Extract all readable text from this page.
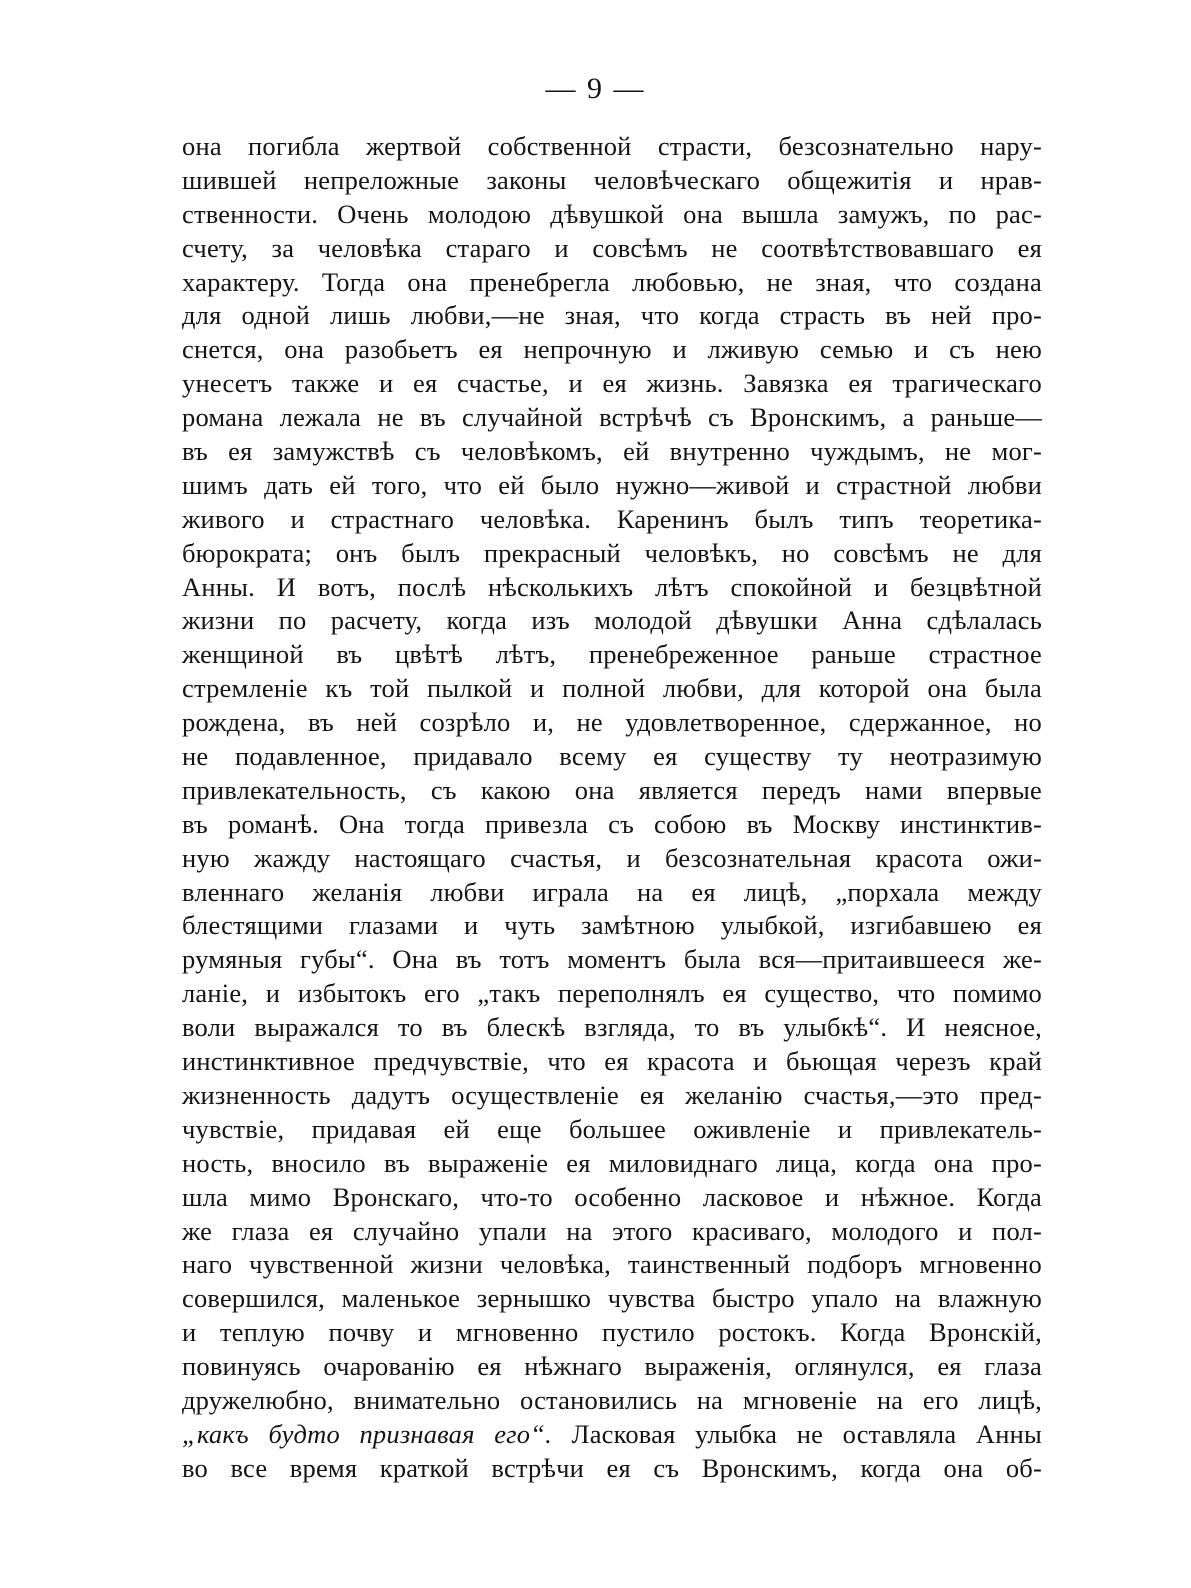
— 9 —
она погибла жертвой собственной страсти, безсознательно нару-
шившей непреложные законы человѣческаго общежитія и нрав-
ственности. Очень молодою дѣвушкой она вышла замужъ, по рас-
счету, за человѣка стараго и совсѣмъ не соотвѣтствовавшаго ея
характеру. Тогда она пренебрегла любовью, не зная, что создана
для одной лишь любви,—не зная, что когда страсть въ ней про-
снется, она разобьетъ ея непрочную и лживую семью и съ нею
унесетъ также и ея счастье, и ея жизнь. Завязка ея трагическаго
романа лежала не въ случайной встрѣчѣ съ Вронскимъ, а раньше—
въ ея замужствѣ съ человѣкомъ, ей внутренно чуждымъ, не мог-
шимъ дать ей того, что ей было нужно—живой и страстной любви
живого и страстнаго человѣка. Каренинъ былъ типъ теоретика-
бюрократа; онъ былъ прекрасный человѣкъ, но совсѣмъ не для
Анны. И вотъ, послѣ нѣсколькихъ лѣтъ спокойной и безцвѣтной
жизни по расчету, когда изъ молодой дѣвушки Анна сдѣлалась
женщиной въ цвѣтѣ лѣтъ, пренебреженное раньше страстное
стремленіе къ той пылкой и полной любви, для которой она была
рождена, въ ней созрѣло и, не удовлетворенное, сдержанное, но
не подавленное, придавало всему ея существу ту неотразимую
привлекательность, съ какою она является передъ нами впервые
въ романѣ. Она тогда привезла съ собою въ Москву инстинктив-
ную жажду настоящаго счастья, и безсознательная красота ожи-
вленнаго желанія любви играла на ея лицѣ, „порхала между
блестящими глазами и чуть замѣтною улыбкой, изгибавшею ея
румяныя губы“. Она въ тотъ моментъ была вся—притаившееся же-
ланіе, и избытокъ его „такъ переполнялъ ея существо, что помимо
воли выражался то въ блескѣ взгляда, то въ улыбкѣ“. И неясное,
инстинктивное предчувствіе, что ея красота и бьющая черезъ край
жизненность дадутъ осуществленіе ея желанію счастья,—это пред-
чувствіе, придавая ей еще большее оживленіе и привлекатель-
ность, вносило въ выраженіе ея миловиднаго лица, когда она про-
шла мимо Вронскаго, что-то особенно ласковое и нѣжное. Когда
же глаза ея случайно упали на этого красиваго, молодого и пол-
наго чувственной жизни человѣка, таинственный подборъ мгновенно
совершился, маленькое зернышко чувства быстро упало на влажную
и теплую почву и мгновенно пустило ростокъ. Когда Вронскій,
повинуясь очарованію ея нѣжнаго выраженія, оглянулся, ея глаза
дружелюбно, внимательно остановились на мгновеніе на его лицѣ,
„какъ будто признавая его“. Ласковая улыбка не оставляла Анны
во все время краткой встрѣчи ея съ Вронскимъ, когда она об-
